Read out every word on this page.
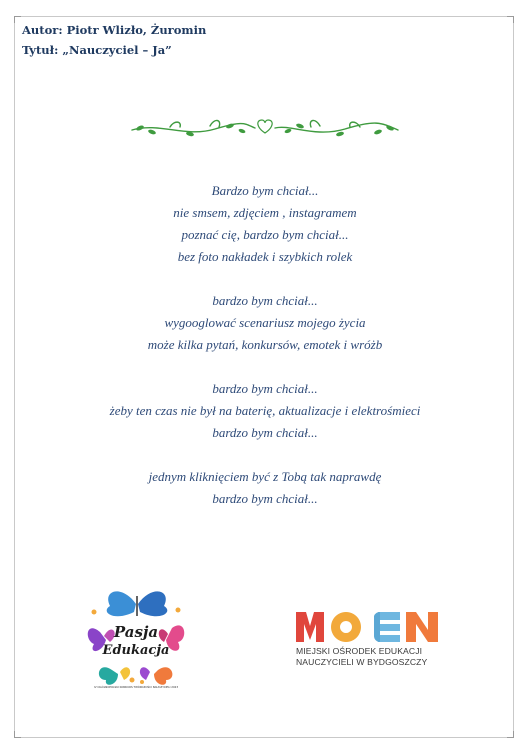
Autor: Piotr Wlizło, Żuromin
Tytuł: „Nauczyciel – Ja”
Bardzo bym chciał...
nie smsem, zdjęciem , instagramem
poznać cię, bardzo bym chciał...
bez foto nakładek i szybkich rolek
bardzo bym chciał...
wygooglować scenariusz mojego życia
może kilka pytań, konkursów, emotek i wróżb
bardzo bym chciał...
żeby ten czas nie był na baterię, aktualizacje i elektrośmieci
bardzo bym chciał...
jednym kliknięciem być z Tobą tak naprawdę
bardzo bym chciał...
Pasja
Edukacja
IV OGÓLNOPOLSKI KONKURS TWÓRCZOŚCI NAUCZYCIELI 2023
MIEJSKI OŚRODEK EDUKACJI
NAUCZYCIELI W BYDGOSZCZY
